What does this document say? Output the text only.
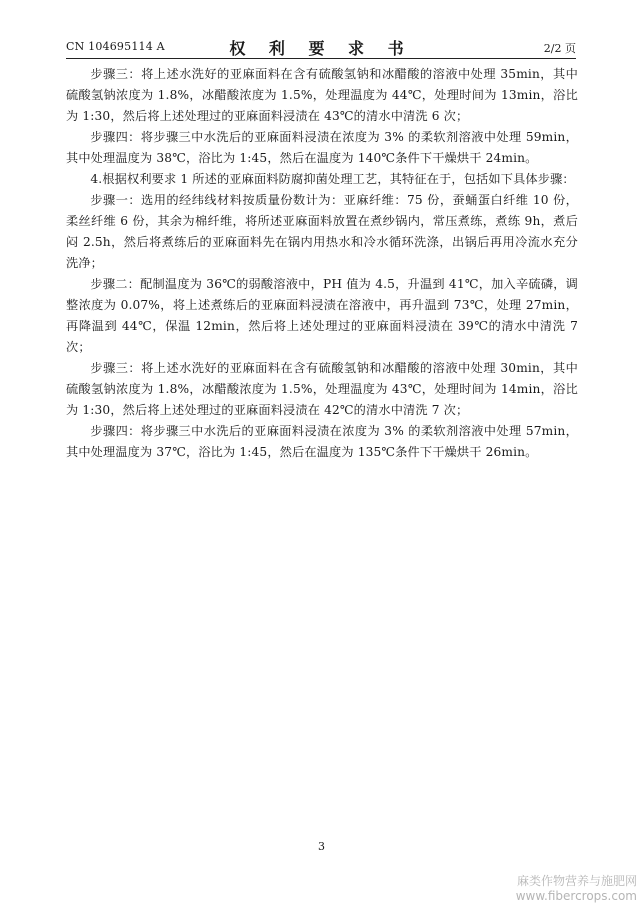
CN 104695114 A	权 利 要 求 书	2/2 页

步骤三：将上述水洗好的亚麻面料在含有硫酸氢钠和冰醋酸的溶液中处理 35min，其中硫酸氢钠浓度为 1.8%，冰醋酸浓度为 1.5%，处理温度为 44℃，处理时间为 13min，浴比为 1:30，然后将上述处理过的亚麻面料浸渍在 43℃的清水中清洗 6 次；

步骤四：将步骤三中水洗后的亚麻面料浸渍在浓度为 3% 的柔软剂溶液中处理 59min，其中处理温度为 38℃，浴比为 1:45，然后在温度为 140℃条件下干燥烘干 24min。

4.根据权利要求 1 所述的亚麻面料防腐抑菌处理工艺，其特征在于，包括如下具体步骤：

步骤一：选用的经纬线材料按质量份数计为：亚麻纤维：75 份，蚕蛹蛋白纤维 10 份，柔丝纤维 6 份，其余为棉纤维，将所述亚麻面料放置在煮纱锅内，常压煮练，煮练 9h，煮后闷 2.5h，然后将煮练后的亚麻面料先在锅内用热水和冷水循环洗涤，出锅后再用冷流水充分洗净；

步骤二：配制温度为 36℃的弱酸溶液中，PH 值为 4.5，升温到 41℃，加入辛硫磷，调整浓度为 0.07%，将上述煮练后的亚麻面料浸渍在溶液中，再升温到 73℃，处理 27min，再降温到 44℃，保温 12min，然后将上述处理过的亚麻面料浸渍在 39℃的清水中清洗 7 次；

步骤三：将上述水洗好的亚麻面料在含有硫酸氢钠和冰醋酸的溶液中处理 30min，其中硫酸氢钠浓度为 1.8%，冰醋酸浓度为 1.5%，处理温度为 43℃，处理时间为 14min，浴比为 1:30，然后将上述处理过的亚麻面料浸渍在 42℃的清水中清洗 7 次；

步骤四：将步骤三中水洗后的亚麻面料浸渍在浓度为 3% 的柔软剂溶液中处理 57min，其中处理温度为 37℃，浴比为 1:45，然后在温度为 135℃条件下干燥烘干 26min。

3
麻类作物营养与施肥网
www.fibercrops.com
